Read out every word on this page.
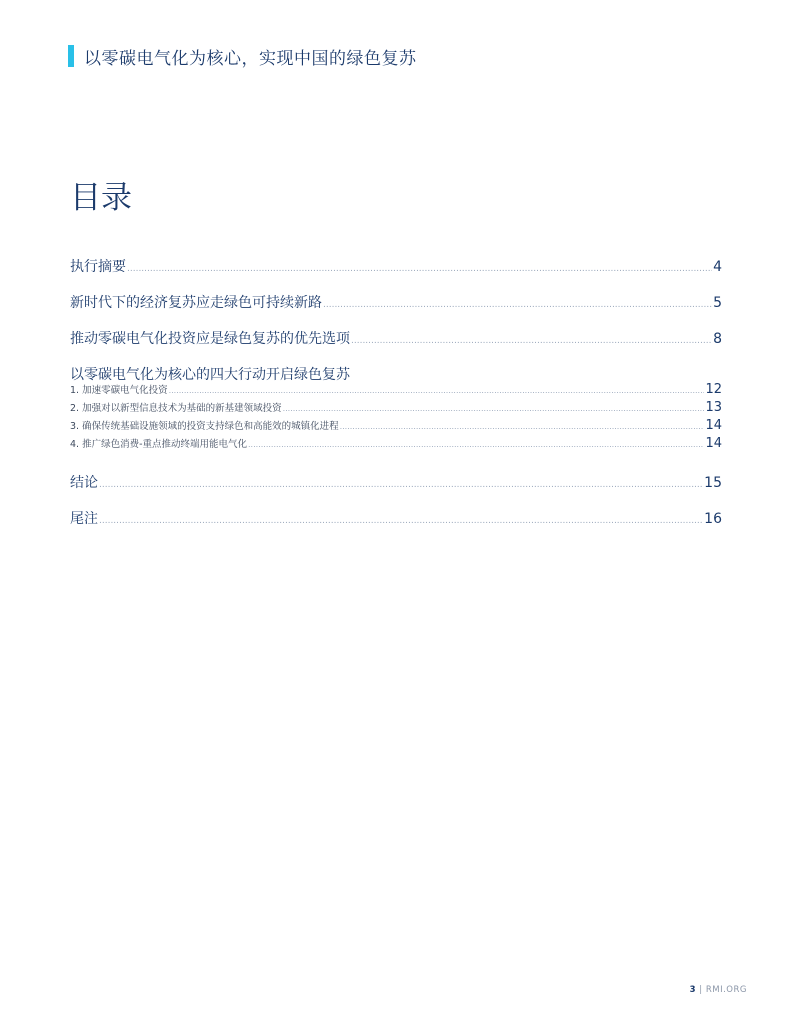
以零碳电气化为核心，实现中国的绿色复苏
目录
执行摘要 .....	4
新时代下的经济复苏应走绿色可持续新路 .....	5
推动零碳电气化投资应是绿色复苏的优先选项 .....	8
以零碳电气化为核心的四大行动开启绿色复苏
1. 加速零碳电气化投资 .....	12
2. 加强对以新型信息技术为基础的新基建领域投资 .....	13
3. 确保传统基础设施领域的投资支持绿色和高能效的城镇化进程 .....	14
4. 推广绿色消费-重点推动终端用能电气化 .....	14
结论 .....	15
尾注 .....	16
3 | RMI.ORG
